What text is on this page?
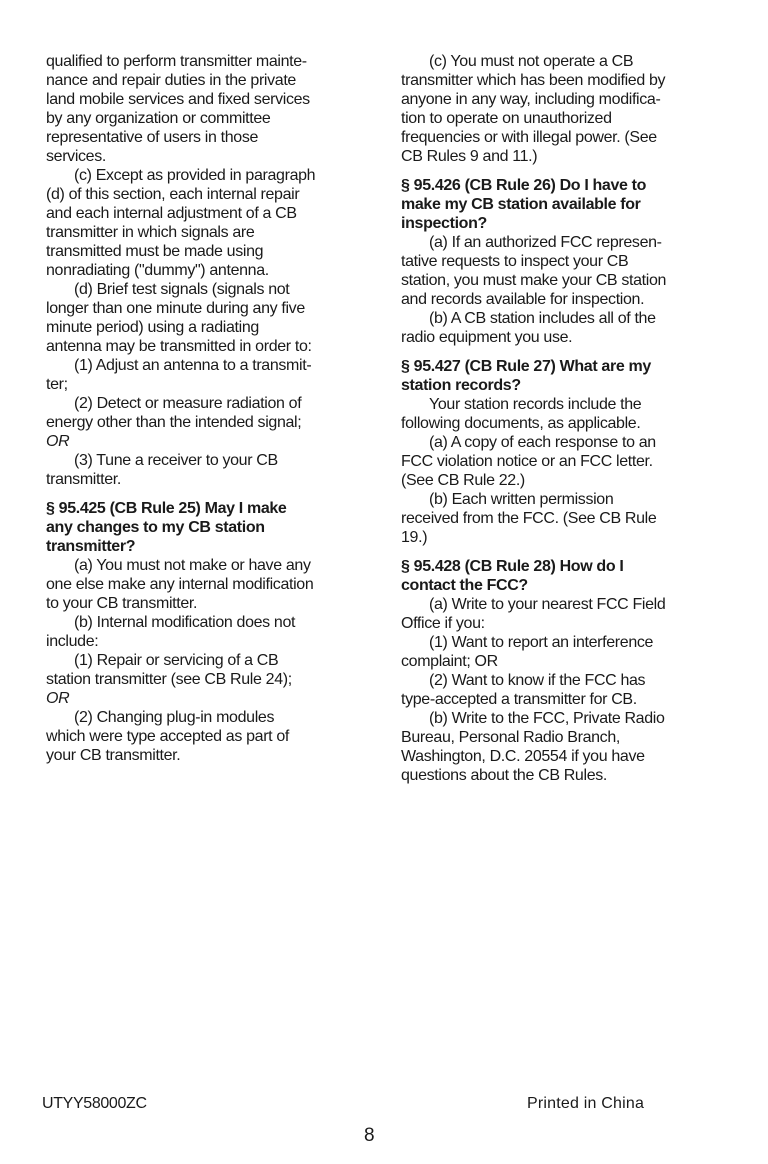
qualified to perform transmitter mainte-
nance and repair duties in the private
land mobile services and fixed services
by any organization or committee
representative of users in those
services.
(c) Except as provided in paragraph
(d) of this section, each internal repair
and each internal adjustment of a CB
transmitter in which signals are
transmitted must be made using
nonradiating ("dummy") antenna.
(d) Brief test signals (signals not
longer than one minute during any five
minute period) using a radiating
antenna may be transmitted in order to:
(1) Adjust an antenna to a transmit-
ter;
(2) Detect or measure radiation of
energy other than the intended signal;
OR
(3) Tune a receiver to your CB
transmitter.
§ 95.425 (CB Rule 25) May I make
any changes to my CB station
transmitter?
(a) You must not make or have any
one else make any internal modification
to your CB transmitter.
(b) Internal modification does not
include:
(1) Repair or servicing of a CB
station transmitter (see CB Rule 24);
OR
(2) Changing plug-in modules
which were type accepted as part of
your CB transmitter.
(c) You must not operate a CB
transmitter which has been modified by
anyone in any way, including modifica-
tion to operate on unauthorized
frequencies or with illegal power. (See
CB Rules 9 and 11.)
§ 95.426 (CB Rule 26) Do I have to
make my CB station available for
inspection?
(a) If an authorized FCC represen-
tative requests to inspect your CB
station, you must make your CB station
and records available for inspection.
(b) A CB station includes all of the
radio equipment you use.
§ 95.427 (CB Rule 27) What are my
station records?
Your station records include the
following documents, as applicable.
(a) A copy of each response to an
FCC violation notice or an FCC letter.
(See CB Rule 22.)
(b) Each written permission
received from the FCC. (See CB Rule
19.)
§ 95.428 (CB Rule 28) How do I
contact the FCC?
(a) Write to your nearest FCC Field
Office if you:
(1) Want to report an interference
complaint; OR
(2) Want to know if the FCC has
type-accepted a transmitter for CB.
(b) Write to the FCC, Private Radio
Bureau, Personal Radio Branch,
Washington, D.C. 20554 if you have
questions about the CB Rules.
UTYY58000ZC	Printed in China
8
